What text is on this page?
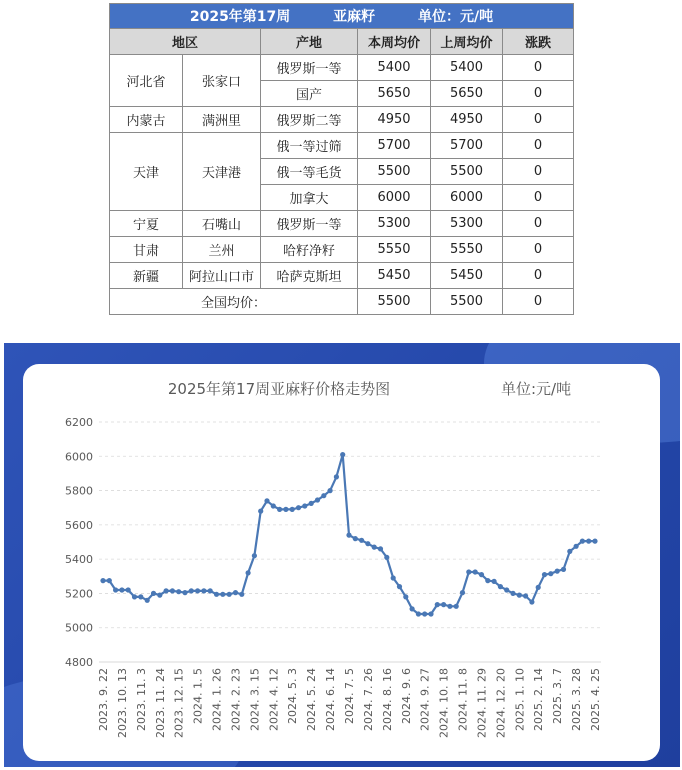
2025年第17周 亚麻籽 单位：元/吨					
地区		产地	本周均价	上周均价	涨跌
河北省	张家口	俄罗斯一等	5400	5400	0
		国产	5650	5650	0
内蒙古	满洲里	俄罗斯二等	4950	4950	0
天津	天津港	俄一等过筛	5700	5700	0
		俄一等毛货	5500	5500	0
		加拿大	6000	6000	0
宁夏	石嘴山	俄罗斯一等	5300	5300	0
甘肃	兰州	哈籽净籽	5550	5550	0
新疆	阿拉山口市	哈萨克斯坦	5450	5450	0
全国均价：			5500	5500	0
2025年第17周亚麻籽价格走势图	单位:元/吨
4800
5000
5200
5400
5600
5800
6000
6200
2023. 9. 22 2023. 10. 13 2023. 11. 3 2023. 11. 24 2023. 12. 15 2024. 1. 5 2024. 1. 26 2024. 2. 23 2024. 3. 15 2024. 4. 12 2024. 5. 3 2024. 5. 24 2024. 6. 14 2024. 7. 5 2024. 7. 26 2024. 8. 16 2024. 9. 6 2024. 9. 27 2024. 10. 18 2024. 11. 8 2024. 11. 29 2024. 12. 20 2025. 1. 10 2025. 2. 14 2025. 3. 7 2025. 3. 28 2025. 4. 25
